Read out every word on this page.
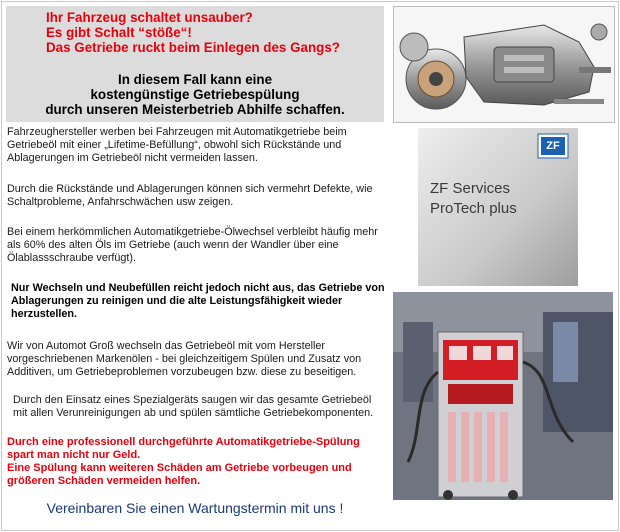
Ihr Fahrzeug schaltet unsauber?
Es gibt Schalt “stöße“!
Das Getriebe ruckt beim Einlegen des Gangs?
In diesem Fall kann eine
kostengünstige Getriebespülung
durch unseren Meisterbetrieb Abhilfe schaffen.

Fahrzeughersteller werben bei Fahrzeugen mit Automatikgetriebe beim Getriebeöl mit einer „Lifetime-Befüllung“, obwohl sich Rückstände und Ablagerungen im Getriebeöl nicht vermeiden lassen.

Durch die Rückstände und Ablagerungen können sich vermehrt Defekte, wie Schaltprobleme, Anfahrschwächen usw zeigen.

Bei einem herkömmlichen Automatikgetriebe-Ölwechsel verbleibt häufig mehr als 60% des alten Öls im Getriebe (auch wenn der Wandler über eine Ölablassschraube verfügt).

Nur Wechseln und Neubefüllen reicht jedoch nicht aus, das Getriebe von Ablagerungen zu reinigen und die alte Leistungsfähigkeit wieder herzustellen.

Wir von Automot Groß wechseln das Getriebeöl mit vom Hersteller vorgeschriebenen Markenölen - bei gleichzeitigem Spülen und Zusatz von Additiven, um Getriebeproblemen vorzubeugen bzw. diese zu beseitigen.

Durch den Einsatz eines Spezialgeräts saugen wir das gesamte Getriebeöl mit allen Verunreinigungen ab und spülen sämtliche Getriebekomponenten.

Durch eine professionell durchgeführte Automatikgetriebe-Spülung spart man nicht nur Geld.

Eine Spülung kann weiteren Schäden am Getriebe vorbeugen und größeren Schäden vermeiden helfen.

Vereinbaren Sie einen Wartungstermin mit uns !
ZF
ZF Services
ProTech plus
